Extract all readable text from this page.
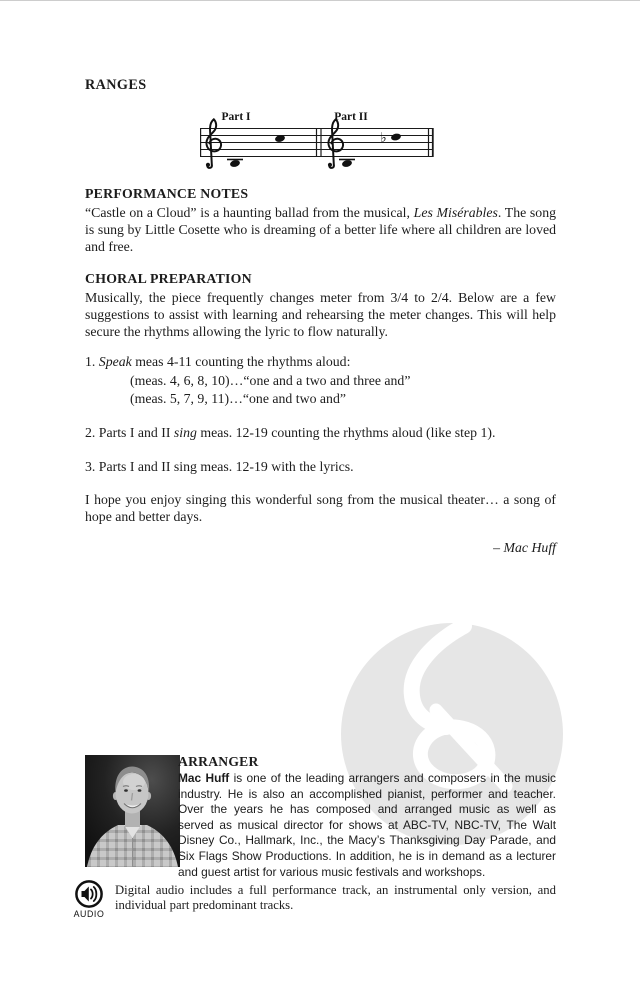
RANGES
Part I	Part II
♭
PERFORMANCE NOTES
“Castle on a Cloud” is a haunting ballad from the musical, Les Misérables. The song is sung by Little Cosette who is dreaming of a better life where all children are loved and free.
CHORAL PREPARATION
Musically, the piece frequently changes meter from 3/4 to 2/4. Below are a few suggestions to assist with learning and rehearsing the meter changes. This will help secure the rhythms allowing the lyric to flow naturally.
1. Speak meas 4-11 counting the rhythms aloud:
(meas. 4, 6, 8, 10)…“one and a two and three and”
(meas. 5, 7, 9, 11)…“one and two and”
2. Parts I and II sing meas. 12-19 counting the rhythms aloud (like step 1).
3. Parts I and II sing meas. 12-19 with the lyrics.
I hope you enjoy singing this wonderful song from the musical theater… a song of hope and better days.
– Mac Huff
ARRANGER
Mac Huff is one of the leading arrangers and composers in the music industry. He is also an accomplished pianist, performer and teacher. Over the years he has composed and arranged music as well as served as musical director for shows at ABC-TV, NBC-TV, The Walt Disney Co., Hallmark, Inc., the Macy’s Thanksgiving Day Parade, and Six Flags Show Productions. In addition, he is in demand as a lecturer and guest artist for various music festivals and workshops.
AUDIO
Digital audio includes a full performance track, an instrumental only version, and individual part predominant tracks.
